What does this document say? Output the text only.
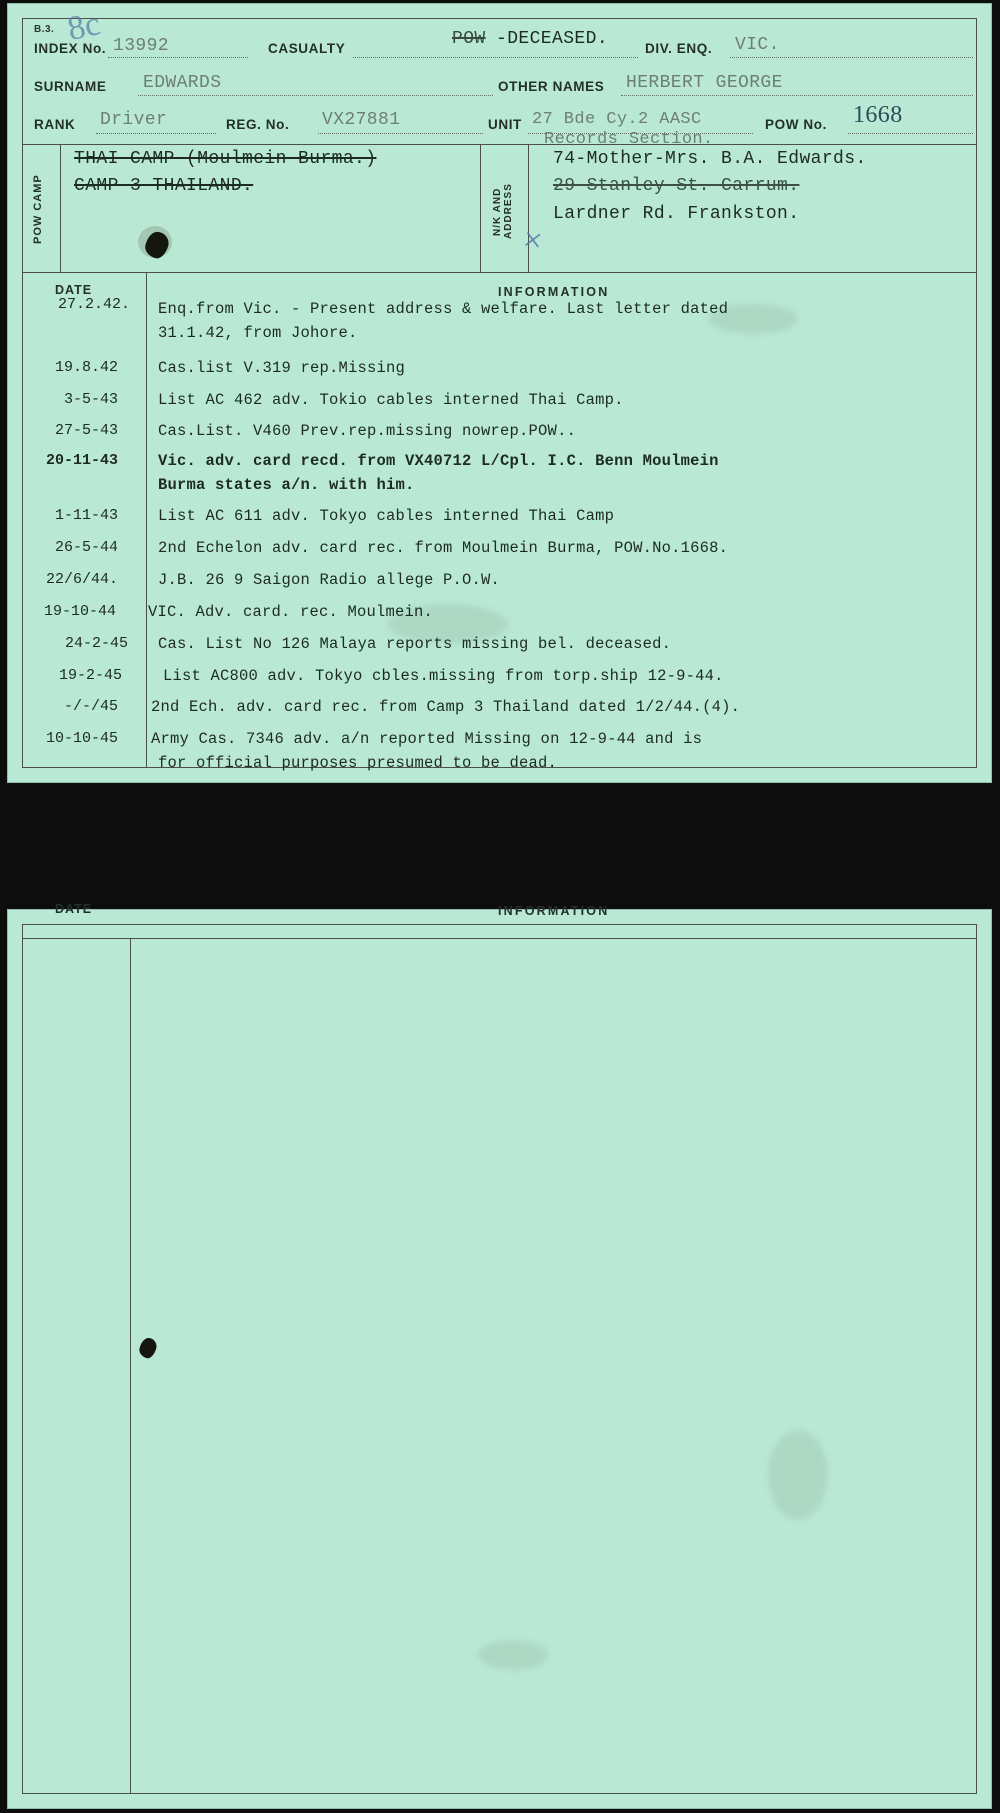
B.3. 8c
INDEX No. 13992	CASUALTY	POW -DECEASED.	DIV. ENQ. VIC.
SURNAME EDWARDS	OTHER NAMES HERBERT GEORGE
RANK Driver	REG. No. VX27881	UNIT 27 Bde Cy.2 AASC
Records Section.
POW No. 1668
POW CAMP
THAI CAMP (Moulmein Burma.)
CAMP 3 THAILAND.
N/K AND ADDRESS
74-Mother-Mrs. B.A. Edwards.
29 Stanley St. Carrum.
Lardner Rd. Frankston.
×
DATE	INFORMATION
27.2.42. Enq.from Vic. - Present address & welfare. Last letter dated
31.1.42, from Johore.
19.8.42	Cas.list V.319 rep.Missing
3-5-43	List AC 462 adv. Tokio cables interned Thai Camp.
27-5-43	Cas.List. V460 Prev.rep.missing nowrep.POW..
20-11-43	Vic. adv. card recd. from VX40712 L/Cpl. I.C. Benn Moulmein
Burma states a/n. with him.
1-11-43	List AC 611 adv. Tokyo cables interned Thai Camp
26-5-44	2nd Echelon adv. card rec. from Moulmein Burma, POW.No.1668.
22/6/44.	J.B. 26 9 Saigon Radio allege P.O.W.
19-10-44 VIC. Adv. card. rec. Moulmein.
24-2-45 Cas. List No 126 Malaya reports missing bel. deceased.
19-2-45	List AC800 adv. Tokyo cbles.missing from torp.ship 12-9-44.
-/-/45 2nd Ech. adv. card rec. from Camp 3 Thailand dated 1/2/44.(4).
10-10-45 Army Cas. 7346 adv. a/n reported Missing on 12-9-44 and is
for official purposes presumed to be dead.
DATE	INFORMATION
